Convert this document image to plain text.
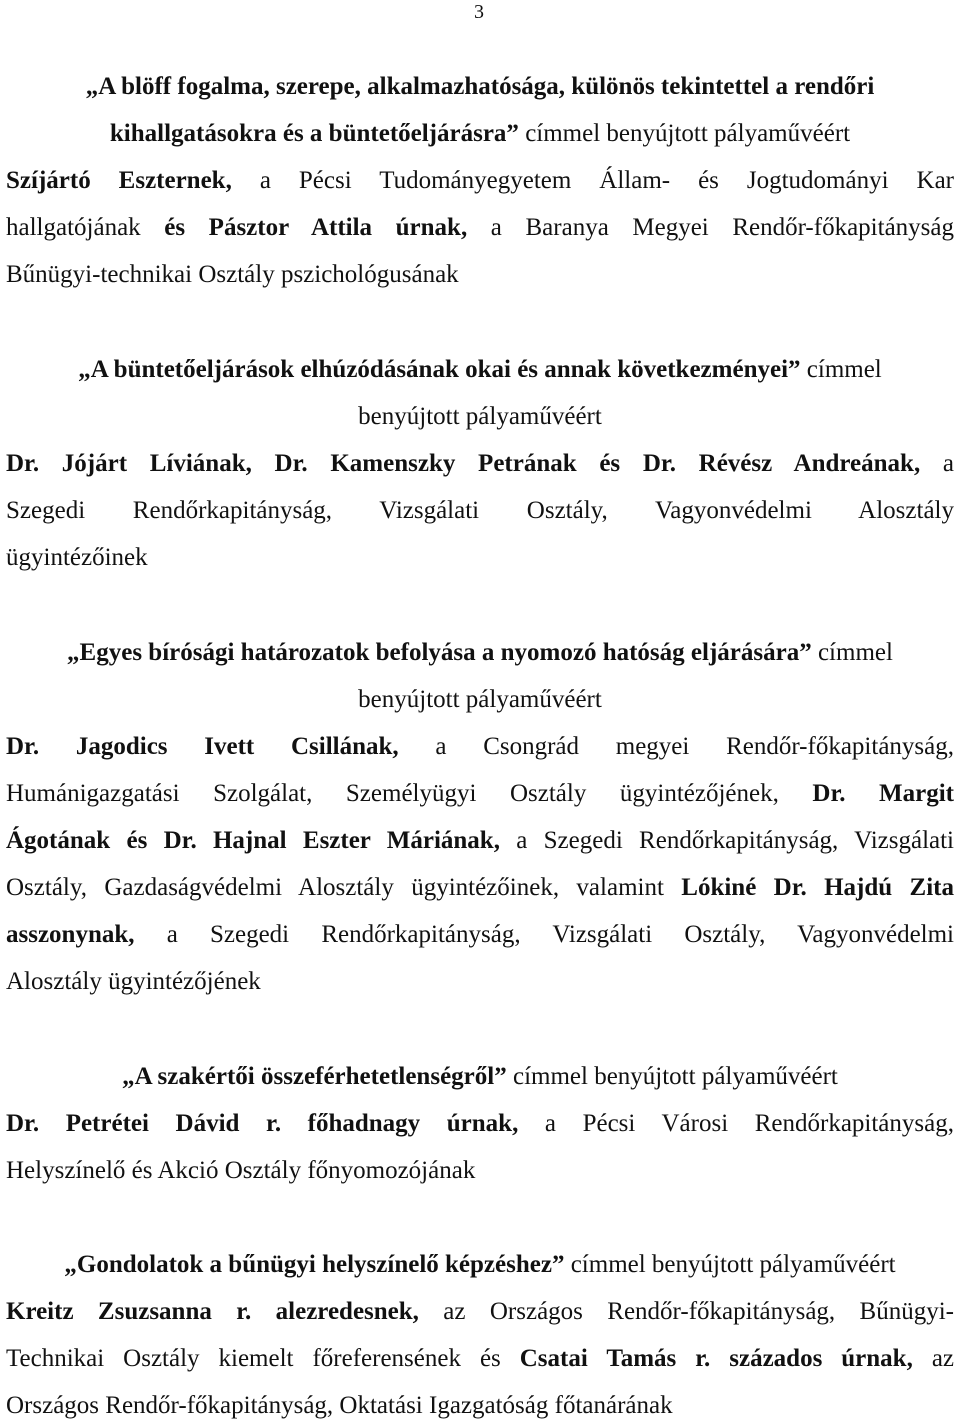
3
„A blöff fogalma, szerepe, alkalmazhatósága, különös tekintettel a rendőri
kihallgatásokra és a büntetőeljárásra” címmel benyújtott pályaművéért
Szíjártó Eszternek, a Pécsi Tudományegyetem Állam- és Jogtudományi Kar
hallgatójának és Pásztor Attila úrnak, a Baranya Megyei Rendőr-főkapitányság
Bűnügyi-technikai Osztály pszichológusának
„A büntetőeljárások elhúzódásának okai és annak következményei” címmel
benyújtott pályaművéért
Dr. Jójárt Líviának, Dr. Kamenszky Petrának és Dr. Révész Andreának, a
Szegedi Rendőrkapitányság, Vizsgálati Osztály, Vagyonvédelmi Alosztály
ügyintézőinek
„Egyes bírósági határozatok befolyása a nyomozó hatóság eljárására” címmel
benyújtott pályaművéért
Dr. Jagodics Ivett Csillának, a Csongrád megyei Rendőr-főkapitányság,
Humánigazgatási Szolgálat, Személyügyi Osztály ügyintézőjének, Dr. Margit
Ágotának és Dr. Hajnal Eszter Máriának, a Szegedi Rendőrkapitányság, Vizsgálati
Osztály, Gazdaságvédelmi Alosztály ügyintézőinek, valamint Lókiné Dr. Hajdú Zita
asszonynak, a Szegedi Rendőrkapitányság, Vizsgálati Osztály, Vagyonvédelmi
Alosztály ügyintézőjének
„A szakértői összeférhetetlenségről” címmel benyújtott pályaművéért
Dr. Petrétei Dávid r. főhadnagy úrnak, a Pécsi Városi Rendőrkapitányság,
Helyszínelő és Akció Osztály főnyomozójának
„Gondolatok a bűnügyi helyszínelő képzéshez” címmel benyújtott pályaművéért
Kreitz Zsuzsanna r. alezredesnek, az Országos Rendőr-főkapitányság, Bűnügyi-
Technikai Osztály kiemelt főreferensének és Csatai Tamás r. százados úrnak, az
Országos Rendőr-főkapitányság, Oktatási Igazgatóság főtanárának
